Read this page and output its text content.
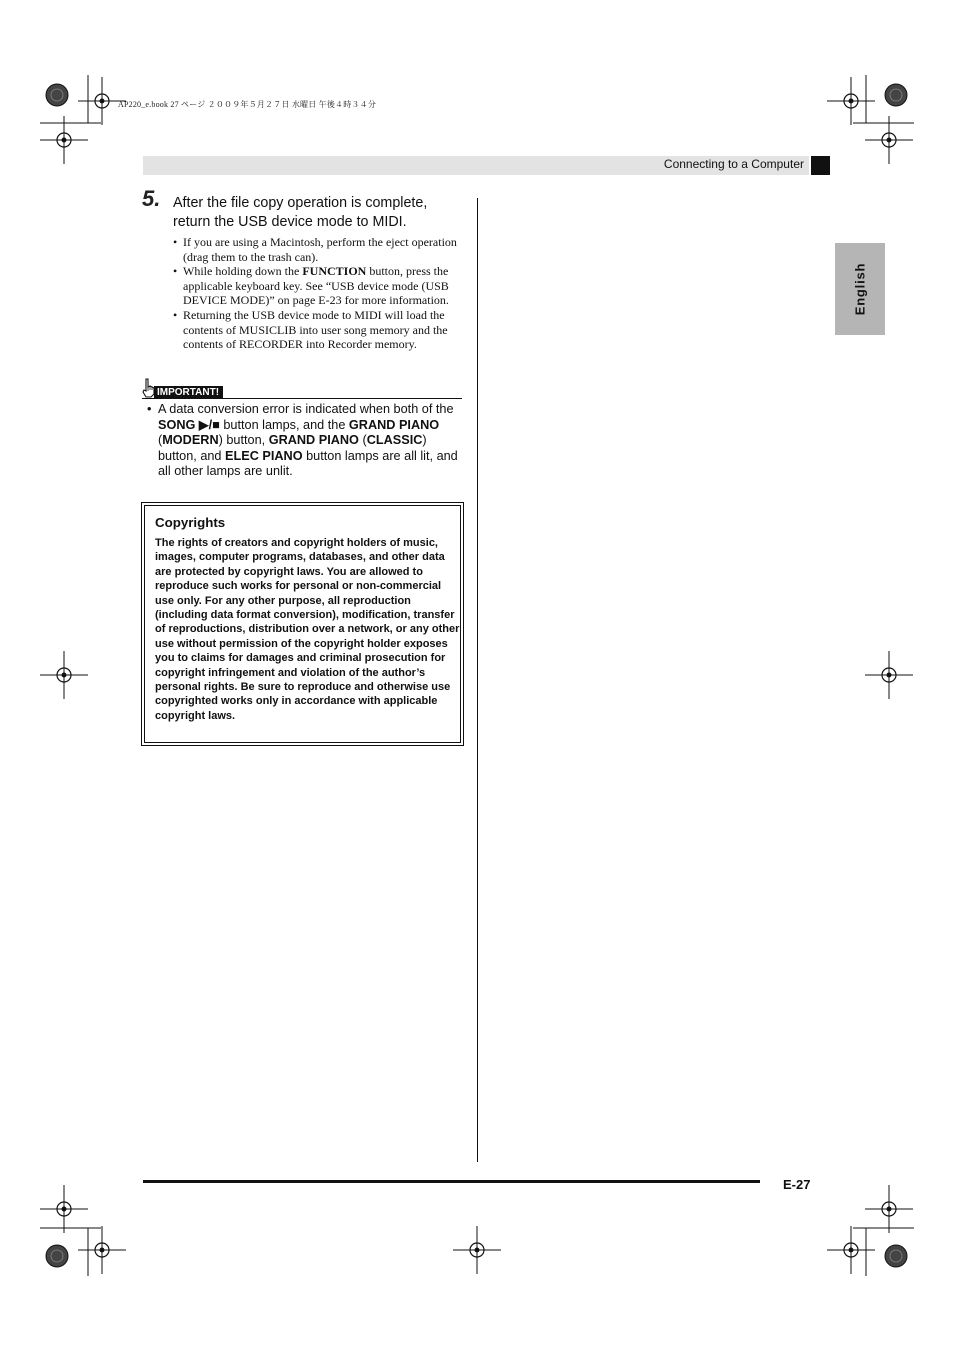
AP220_e.book 27 ページ ２００９年５月２７日 水曜日 午後４時３４分
Connecting to a Computer
English
5. After the file copy operation is complete, return the USB device mode to MIDI.
• If you are using a Macintosh, perform the eject operation (drag them to the trash can).
• While holding down the FUNCTION button, press the applicable keyboard key. See “USB device mode (USB DEVICE MODE)” on page E-23 for more information.
• Returning the USB device mode to MIDI will load the contents of MUSICLIB into user song memory and the contents of RECORDER into Recorder memory.
IMPORTANT!
• A data conversion error is indicated when both of the SONG ▶/■ button lamps, and the GRAND PIANO (MODERN) button, GRAND PIANO (CLASSIC) button, and ELEC PIANO button lamps are all lit, and all other lamps are unlit.
Copyrights
The rights of creators and copyright holders of music, images, computer programs, databases, and other data are protected by copyright laws. You are allowed to reproduce such works for personal or non-commercial use only. For any other purpose, all reproduction (including data format conversion), modification, transfer of reproductions, distribution over a network, or any other use without permission of the copyright holder exposes you to claims for damages and criminal prosecution for copyright infringement and violation of the author’s personal rights. Be sure to reproduce and otherwise use copyrighted works only in accordance with applicable copyright laws.
E-27
